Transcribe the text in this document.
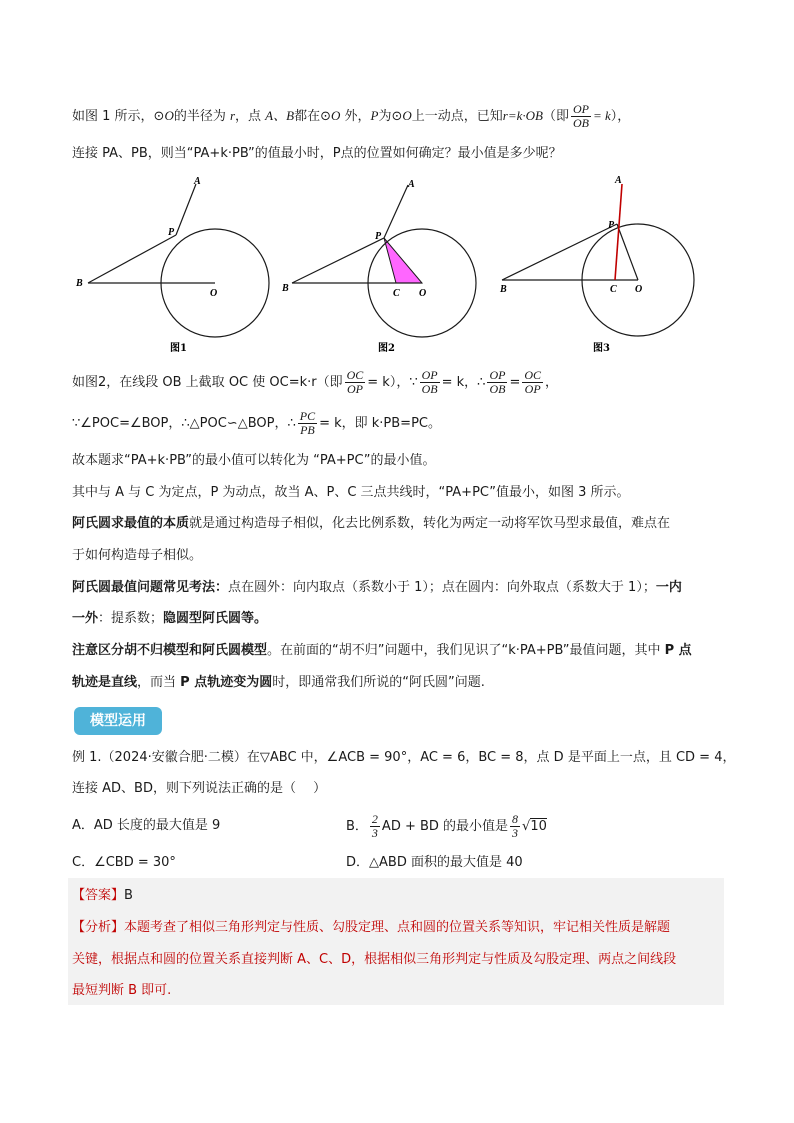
如图 1 所示，⊙O的半径为 r，点 A、B都在⊙O 外，P为⊙O上一动点，已知r=k·OB（即 $\frac{OP}{OB} = k$），
连接 PA、PB，则当“PA+k·PB”的值最小时，P点的位置如何确定？最小值是多少呢？
A
P
B
O
图1
A
P
B	C O
图2
A
P
B	C O
图3
如图2，在线段 OB 上截取 OC 使 OC=k·r（即 $\frac{OC}{OP} = k$），∵ $\frac{OP}{OB} = k$，∴ $\frac{OP}{OB} = \frac{OC}{OP}$ ，
∵∠POC=∠BOP，∴△POC∽△BOP，∴ $\frac{PC}{PB} = k$，即 k·PB=PC。
故本题求“PA+k·PB”的最小值可以转化为 “PA+PC”的最小值。
其中与 A 与 C 为定点，P 为动点，故当 A、P、C 三点共线时，“PA+PC”值最小，如图 3 所示。
阿氏圆求最值的本质就是通过构造母子相似，化去比例系数，转化为两定一动将军饮马型求最值，难点在
于如何构造母子相似。
阿氏圆最值问题常见考法：点在圆外：向内取点（系数小于 1）；点在圆内：向外取点（系数大于 1）；一内
一外：提系数；隐圆型阿氏圆等。
注意区分胡不归模型和阿氏圆模型。在前面的“胡不归”问题中，我们见识了“k·PA+PB”最值问题，其中 P 点
轨迹是直线，而当 P 点轨迹变为圆时，即通常我们所说的“阿氏圆”问题.
模型运用
例 1.（2024·安徽合肥·二模）在▽ABC 中，∠ACB = 90°，AC = 6，BC = 8，点 D 是平面上一点，且 CD = 4，
连接 AD、BD，则下列说法正确的是（　 ）
A．AD 长度的最大值是 9	B． $\frac{2}{3}$ AD + BD 的最小值是 $\frac{8}{3} √10$
C．∠CBD = 30°	D．△ABD 面积的最大值是 40
【答案】B
【分析】本题考查了相似三角形判定与性质、勾股定理、点和圆的位置关系等知识，牢记相关性质是解题
关键，根据点和圆的位置关系直接判断 A、C、D，根据相似三角形判定与性质及勾股定理、两点之间线段
最短判断 B 即可.
